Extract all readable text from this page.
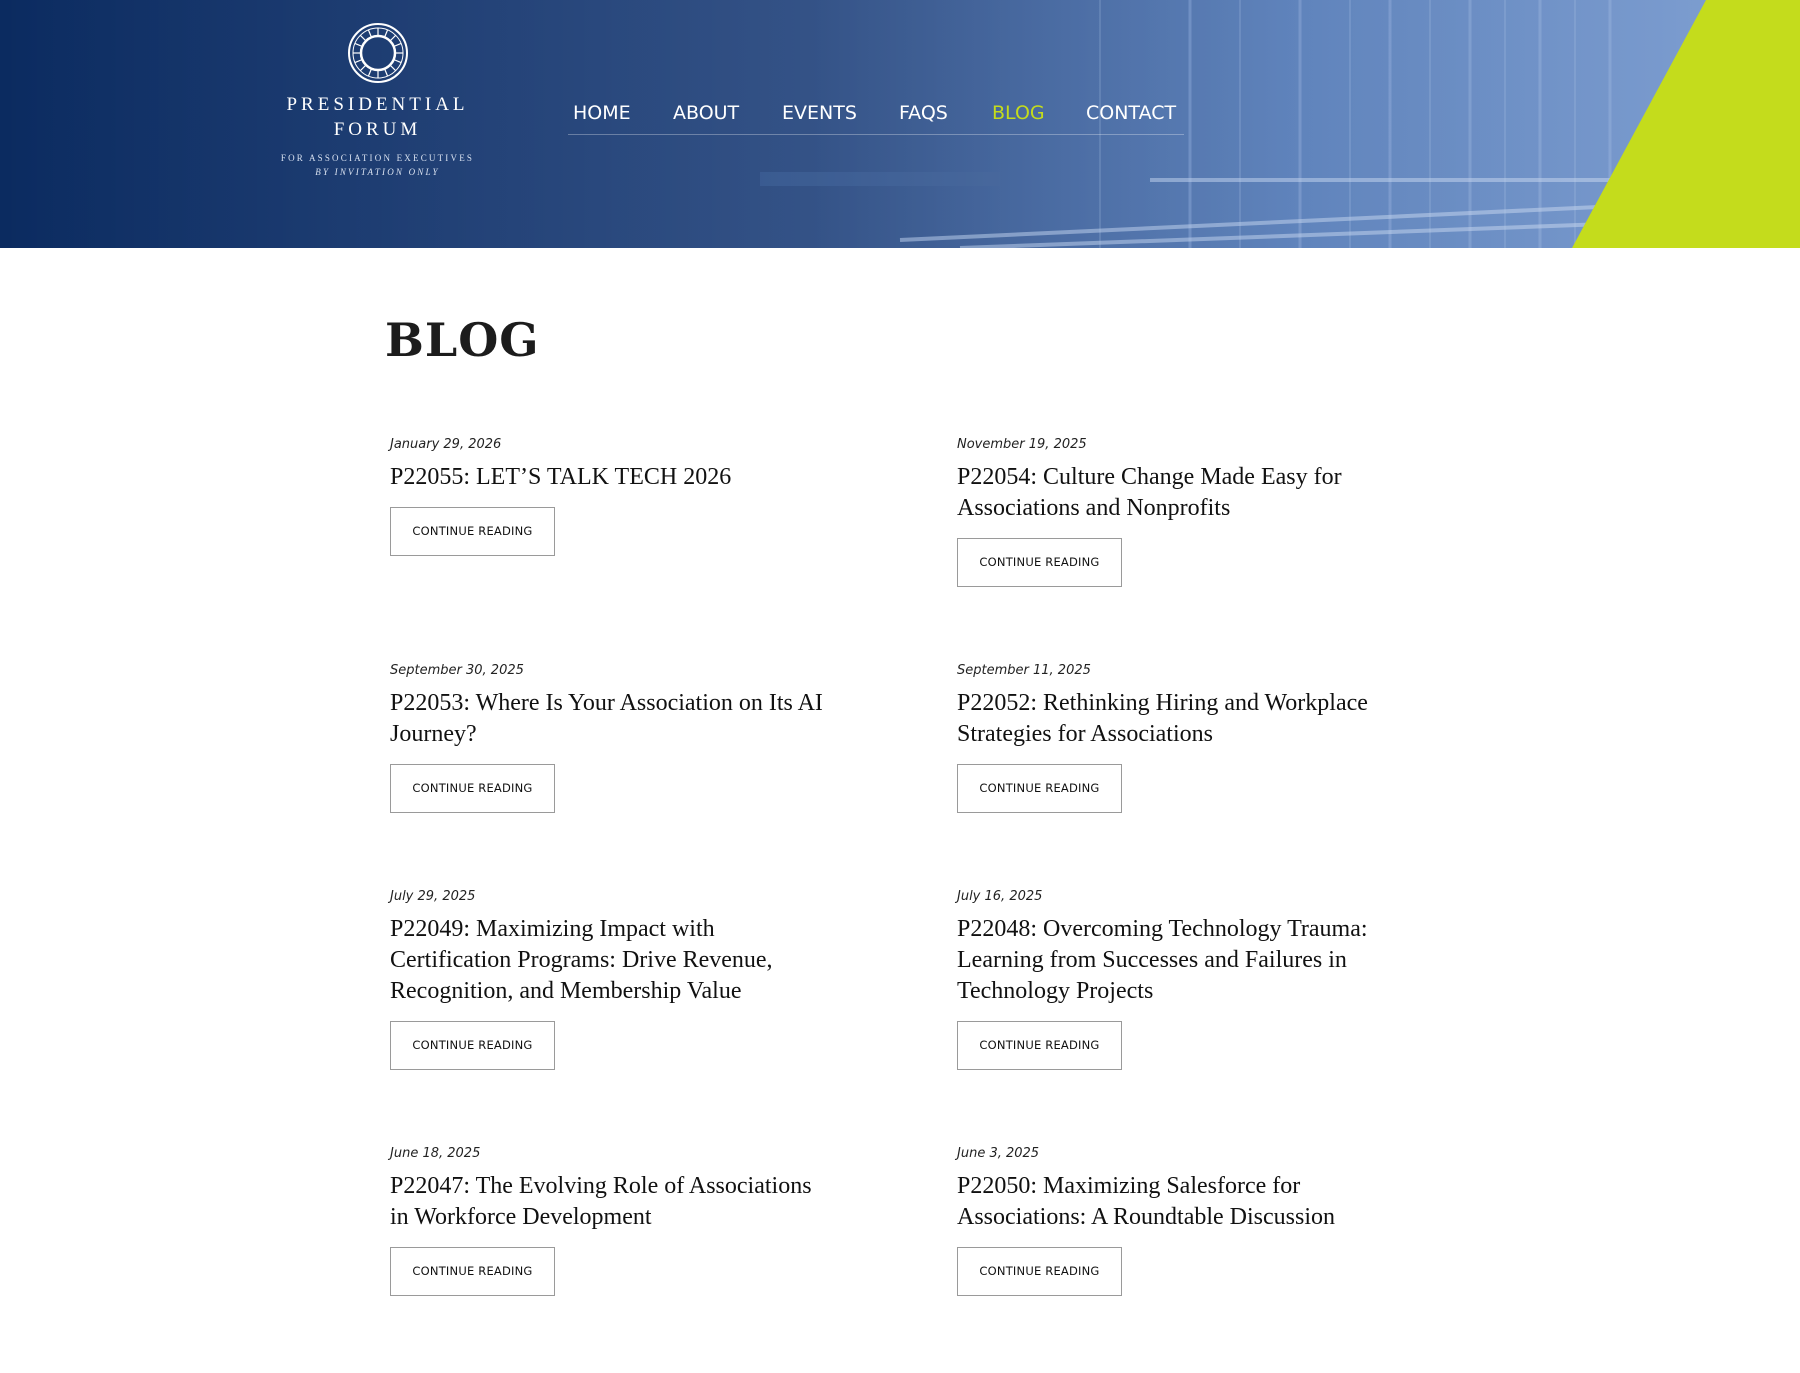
PRESIDENTIAL
FORUM
FOR ASSOCIATION EXECUTIVES
BY INVITATION ONLY
HOME ABOUT EVENTS FAQS BLOG CONTACT
BLOG
January 29, 2026
P22055: LET’S TALK TECH 2026
CONTINUE READING
November 19, 2025
P22054: Culture Change Made Easy for
Associations and Nonprofits
CONTINUE READING
September 30, 2025
P22053: Where Is Your Association on Its AI
Journey?
CONTINUE READING
September 11, 2025
P22052: Rethinking Hiring and Workplace
Strategies for Associations
CONTINUE READING
July 29, 2025
P22049: Maximizing Impact with
Certification Programs: Drive Revenue,
Recognition, and Membership Value
CONTINUE READING
July 16, 2025
P22048: Overcoming Technology Trauma:
Learning from Successes and Failures in
Technology Projects
CONTINUE READING
June 18, 2025
P22047: The Evolving Role of Associations
in Workforce Development
CONTINUE READING
June 3, 2025
P22050: Maximizing Salesforce for
Associations: A Roundtable Discussion
CONTINUE READING
